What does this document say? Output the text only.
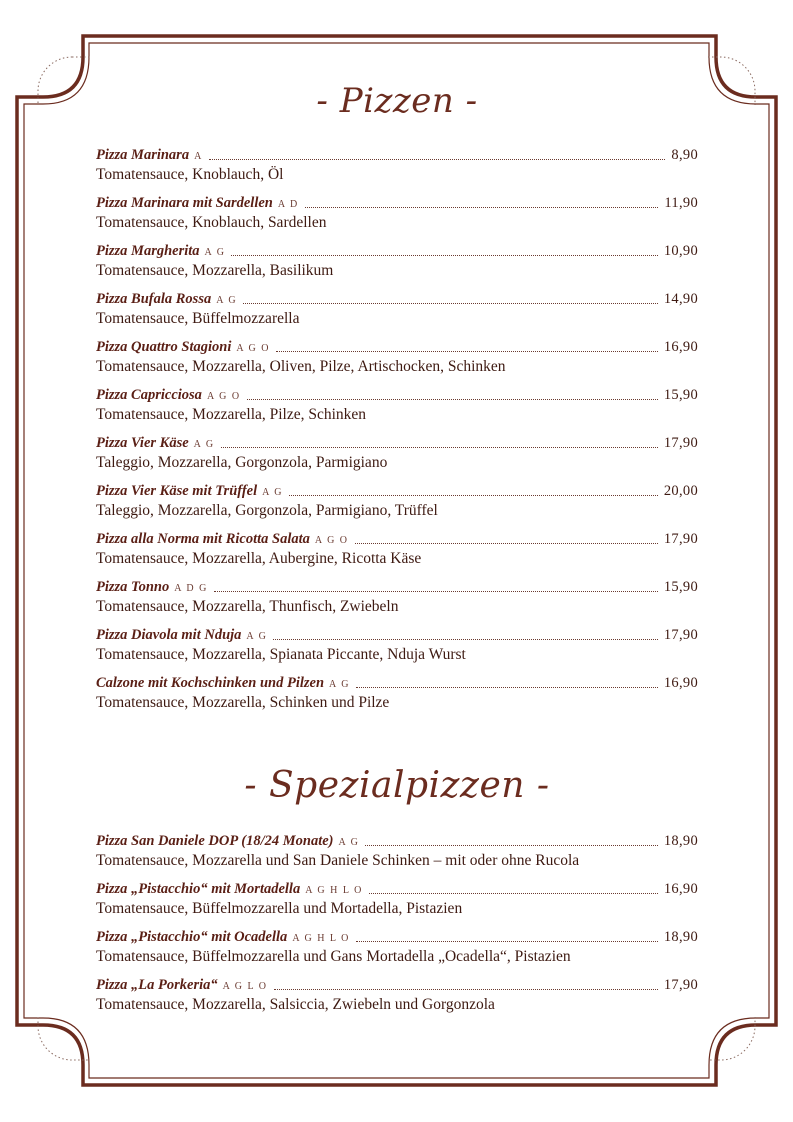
- Pizzen -
Pizza Marinara A	8,90
Tomatensauce, Knoblauch, Öl
Pizza Marinara mit Sardellen A D	11,90
Tomatensauce, Knoblauch, Sardellen
Pizza Margherita A G	10,90
Tomatensauce, Mozzarella, Basilikum
Pizza Bufala Rossa A G	14,90
Tomatensauce, Büffelmozzarella
Pizza Quattro Stagioni A G O	16,90
Tomatensauce, Mozzarella, Oliven, Pilze, Artischocken, Schinken
Pizza Capricciosa A G O	15,90
Tomatensauce, Mozzarella, Pilze, Schinken
Pizza Vier Käse A G	17,90
Taleggio, Mozzarella, Gorgonzola, Parmigiano
Pizza Vier Käse mit Trüffel A G	20,00
Taleggio, Mozzarella, Gorgonzola, Parmigiano, Trüffel
Pizza alla Norma mit Ricotta Salata A G O	17,90
Tomatensauce, Mozzarella, Aubergine, Ricotta Käse
Pizza Tonno A D G	15,90
Tomatensauce, Mozzarella, Thunfisch, Zwiebeln
Pizza Diavola mit Nduja A G	17,90
Tomatensauce, Mozzarella, Spianata Piccante, Nduja Wurst
Calzone mit Kochschinken und Pilzen A G	16,90
Tomatensauce, Mozzarella, Schinken und Pilze
- Spezialpizzen -
Pizza San Daniele DOP (18/24 Monate) A G	18,90
Tomatensauce, Mozzarella und San Daniele Schinken – mit oder ohne Rucola
Pizza „Pistacchio“ mit Mortadella A G H L O	16,90
Tomatensauce, Büffelmozzarella und Mortadella, Pistazien
Pizza „Pistacchio“ mit Ocadella A G H L O	18,90
Tomatensauce, Büffelmozzarella und Gans Mortadella „Ocadella“, Pistazien
Pizza „La Porkeria“ A G L O	17,90
Tomatensauce, Mozzarella, Salsiccia, Zwiebeln und Gorgonzola
